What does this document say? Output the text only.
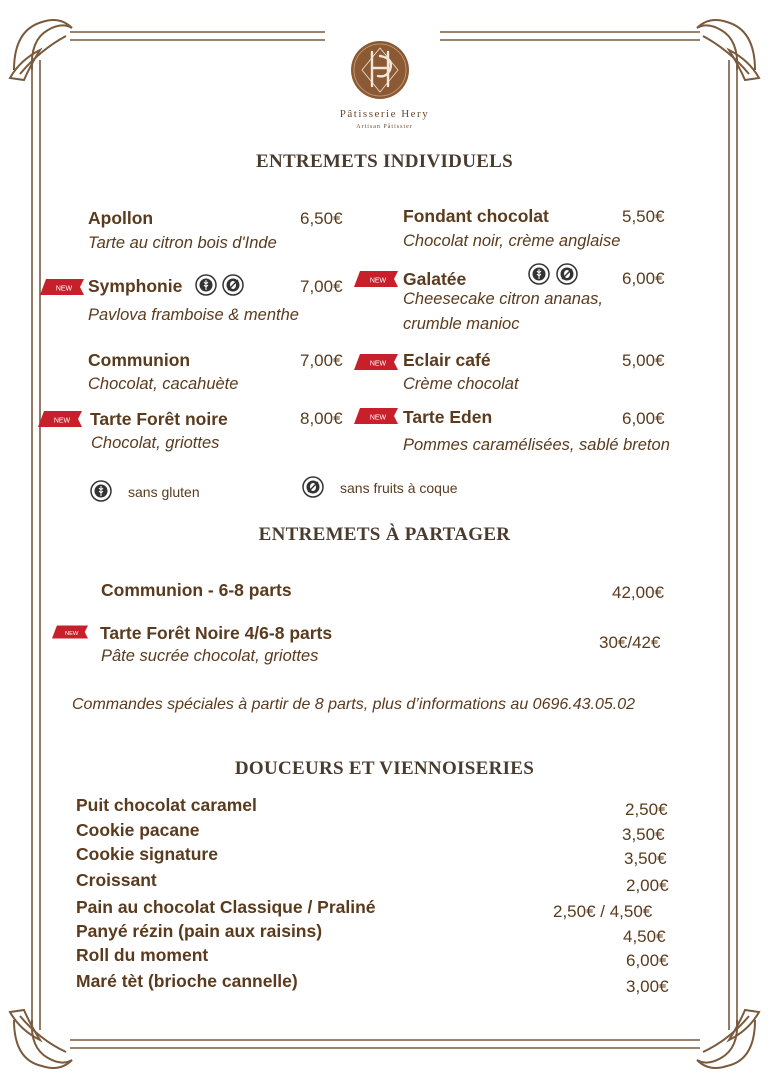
Pâtisserie Hery
Artisan Pâtissier
ENTREMETS INDIVIDUELS
Apollon	6,50€
Tarte au citron bois d'Inde
Fondant chocolat	5,50€
Chocolat noir, crème anglaise
NEW Symphonie	7,00€
Pavlova framboise & menthe
NEW Galatée	6,00€
Cheesecake citron ananas,
crumble manioc
Communion	7,00€
Chocolat, cacahuète
NEW Eclair café	5,00€
Crème chocolat
NEW Tarte Forêt noire	8,00€
Chocolat, griottes
NEW Tarte Eden	6,00€
Pommes caramélisées, sablé breton
sans gluten	sans fruits à coque
ENTREMETS À PARTAGER
Communion - 6-8 parts	42,00€
NEW Tarte Forêt Noire 4/6-8 parts	30€/42€
Pâte sucrée chocolat, griottes
Commandes spéciales à partir de 8 parts, plus d’informations au 0696.43.05.02
DOUCEURS ET VIENNOISERIES
Puit chocolat caramel	2,50€
Cookie pacane	3,50€
Cookie signature	3,50€
Croissant	2,00€
Pain au chocolat Classique / Praliné	2,50€ / 4,50€
Panyé rézin (pain aux raisins)	4,50€
Roll du moment	6,00€
Maré tèt (brioche cannelle)	3,00€
